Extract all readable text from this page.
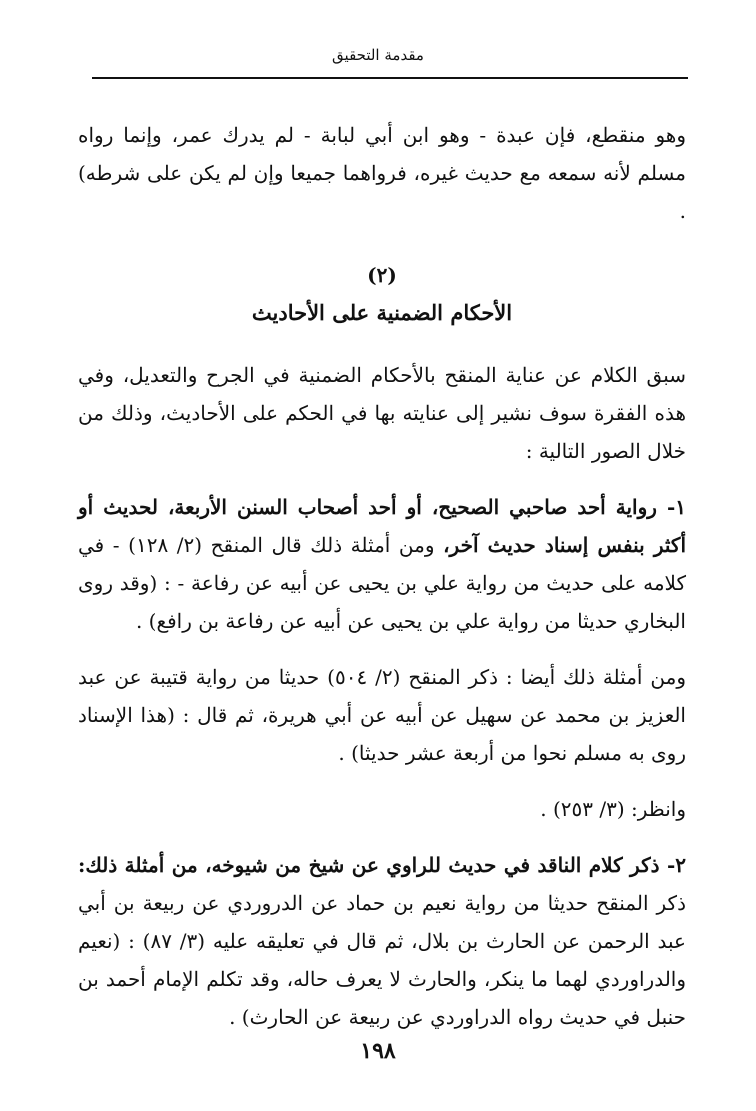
مقدمة التحقيق

وهو منقطع، فإن عبدة - وهو ابن أبي لبابة - لم يدرك عمر، وإنما رواه مسلم لأنه سمعه مع حديث غيره، فرواهما جميعا وإن لم يكن على شرطه) .

(٢)

الأحكام الضمنية على الأحاديث

سبق الكلام عن عناية المنقح بالأحكام الضمنية في الجرح والتعديل، وفي هذه الفقرة سوف نشير إلى عنايته بها في الحكم على الأحاديث، وذلك من خلال الصور التالية :

١- رواية أحد صاحبي الصحيح، أو أحد أصحاب السنن الأربعة، لحديث أو أكثر بنفس إسناد حديث آخر، ومن أمثلة ذلك قال المنقح (٢/ ١٢٨) - في كلامه على حديث من رواية علي بن يحيى عن أبيه عن رفاعة - : (وقد روى البخاري حديثا من رواية علي بن يحيى عن أبيه عن رفاعة بن رافع) .

ومن أمثلة ذلك أيضا : ذكر المنقح (٢/ ٥٠٤) حديثا من رواية قتيبة عن عبد العزيز بن محمد عن سهيل عن أبيه عن أبي هريرة، ثم قال : (هذا الإسناد روى به مسلم نحوا من أربعة عشر حديثا) .

وانظر: (٣/ ٢٥٣) .

٢- ذكر كلام الناقد في حديث للراوي عن شيخ من شيوخه، من أمثلة ذلك: ذكر المنقح حديثا من رواية نعيم بن حماد عن الدروردي عن ربيعة بن أبي عبد الرحمن عن الحارث بن بلال، ثم قال في تعليقه عليه (٣/ ٨٧) : (نعيم والدراوردي لهما ما ينكر، والحارث لا يعرف حاله، وقد تكلم الإمام أحمد بن حنبل في حديث رواه الدراوردي عن ربيعة عن الحارث) .

١٩٨
